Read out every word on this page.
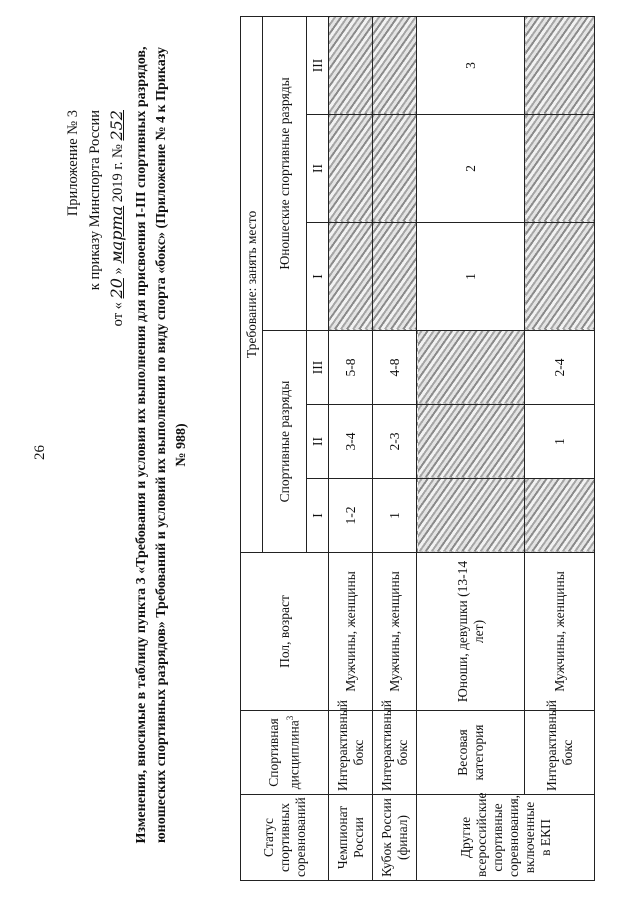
26
Приложение № 3 к приказу Минспорта России
от « 20 » марта 2019 г. № 252 Изменения, вносимые в таблицу пункта 3 «Требования и условия их выполнения для присвоения I-III спортивных разрядов, юношеских спортивных разрядов» Требований и условий их выполнения по виду спорта «бокс» (Приложение № 4 к Приказу № 988)
Статус спортивных соревнований	Спортивная дисциплина$^3$	Пол, возраст	Требование: занять место					
			Спортивные разряды			Юношеские спортивные разряды		
			I	II	III	I	II	III
Чемпионат России	Интерактивный бокс	Мужчины, женщины	1-2	3-4	5-8			
Кубок России (финал)	Интерактивный бокс	Мужчины, женщины	1	2-3	4-8			
Другие всероссийские спортивные соревнования, включенные в ЕКП	Весовая категория	Юноши, девушки (13-14 лет)				1	2	3
	Интерактивный бокс	Мужчины, женщины		1	2-4			
